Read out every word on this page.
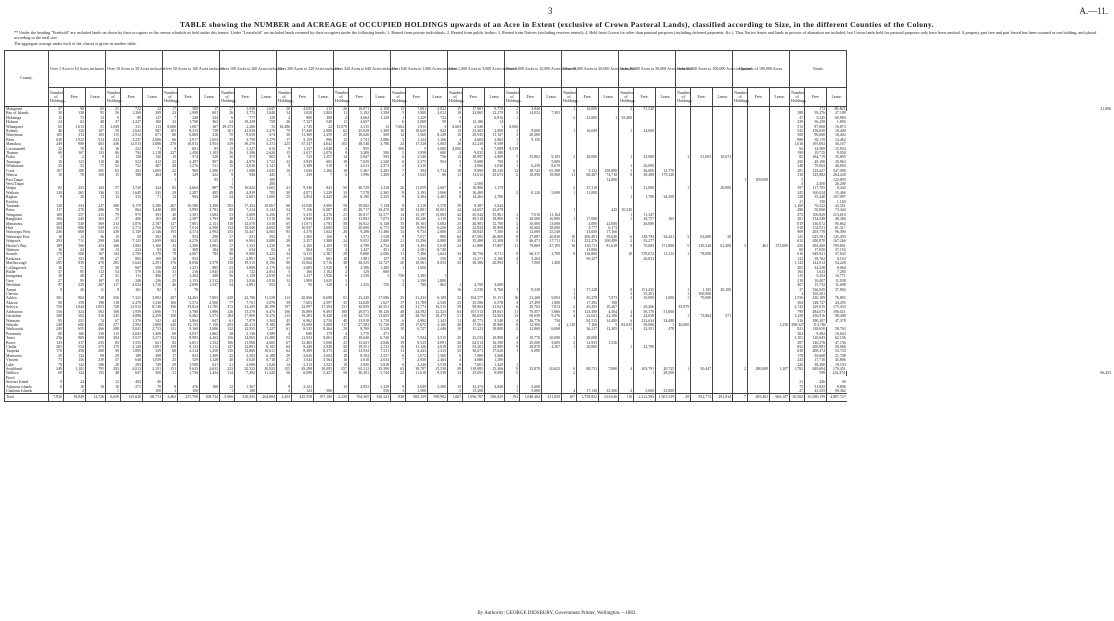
3	A.—11.
TABLE showing the NUMBER and ACREAGE of OCCUPIED HOLDINGS upwards of an Acre in Extent (exclusive of Crown Pastoral Lands), classified according to Size, in the different Counties of the Colony.

** Under the heading "Freehold" are included lands set down by their occupiers in the census schedule as held under this tenure. Under "Leasehold" are included lands returned by their occupiers under the following heads: 1, Rented from private individuals; 2, Rented from public bodies; 3, Rented from Natives (including reserves rented); 4, Held from Crown for other than pastoral purposes (including deferred payments, &c.). Thus Native leases and lands in process of alienation are included, but Crown lands held for pastoral purposes only have been omitted. A property part free and part leased has been counted as one holding, and placed according to the total size.

The aggregate acreage under each of the classes is given in another table.

County.	Over 1 Acre to 10 Acres inclusive.			Over 10 Acres to 50 Acres inclusive.			Over 50 Acres to 100 Acres inclusive.			Over 100 Acres to 200 Acres inclusive.			Over 200 Acres to 320 Acres inclusive.			Over 320 Acres to 640 Acres inclusive.			Over 640 Acres to 1,000 Acres inclusive.			Over 1,000 Acres to 5,000 Acres inclusive.			Over 5,000 Acres to 10,000 Acres inclusive.			Over 10,000 Acres to 20,000 Acres inclusive.			Over 20,000 Acres to 50,000 Acres inclusive.			Over 50,000 Acres to 100,000 Acres inclusive.			Upwards of 100,000 Acres.			Totals.			
	Number of Holdings.	Free.	Lease.	Number of Holdings.	Free.	Lease.	Number of Holdings.	Free.	Lease.	Number of Holdings.	Free.	Lease.	Number of Holdings.	Free.	Lease.	Number of Holdings.	Free.	Lease.	Number of Holdings.	Free.	Lease.	Number of Holdings.	Free.	Lease.	Number of Holdings.	Free.	Lease.	Number of Holdings.	Free.	Lease.	Number of Holdings.	Free.	Lease.	Number of Holdings.	Free.	Lease.	Number of Holdings.	Free.	Lease.	Number of Holdings.	Free.	Lease.	
Mongonui	37	98	65	21	722	12	17	580	17	17	1,558	1,047	20	4,035	215	26	10,071	2,108	15	7,001	3,822	15	17,903	9,778	2	3,840		1	16,000		2	57,520									172	89,465	21,896
Bay of Islands	39	138	95	50	1,260	209	23	1,908	601	26	3,772	1,840	14	1,828	1,803	11	5,192	1,590	5	1,800	3,012	18	23,865	12,270	3	14,052	7,381													189	59,276	27,199	
Hokianga	11	72	13	9	89	127	7	248	334	6	777	120	4	900	308	2	4,064	1,120	1	1,229	722	3		6,816	1			2	22,000	1	35,400									47	5,245	60,960	
Hobson	24	62	48	37	1,227	100	23	1,768	363	24	19,439	758	26	7,327	549	11	4,657		6	3,068	59	6	12,186	14																239	56,258	1,893	
Whangarei	65	1,013	51	1,049	311	113	8,000	1,007	167	29,373	2,286	33	16,286	1,745	24	15,079	3,515	12	7,602	1,915	3	4,603	2,540	1	8,000															513	87,868	16,873	
Rodney	46	126	107	59	1,643	567	105	8,313	738	161	21,036	2,476	79	17,440	2,980	62	25,028	1,300	16	10,620	822	13	23,203	2,000	1	9,000		1	16,049		1	24,000								543	156,630	10,440	
Waitemata	105	314	103	115	2,912	671	80	6,869	416	70	9,039	674	36	11,369	1,259	25	10,626	569	12	1,560	8,249	10	20,945	11,187	3	20,000														508	90,060	16,402	
Eden	630	1,922	514	233	3,237	2,086	66	3,917	1,653	39	3,750	1,279	17	3,159	906	13	2,741	2,086	3	1,124	1,106	4	4,604	3,862	1	9,150														986	82,119	14,462	
Manukau	249	908	403	436	12,013	3,086	270	18,813	3,953	339	39,276	5,372	225	37,547	4,042	103	38,548	3,786	24	17,528	3,003	26	41,218	9,109	1															1,616	195,692	36,167	
Coromandel	32	78	41	16	222	71	9	651	83	13	1,227	615	9	1,337	1,048	3	955		500	5	3,000	4,000	6	7,089	9,519															94	14,569	15,834	
Thames	60	167	133	86	794	1,118	227	1,450	1,103	26	1,396	2,620	15	2,017	2,076	9	3,208	500	5	1,958	600	4	9,035	1,180																199	19,725	9,050	
Piako	3	2	9	13	128	140	10	574	328	10	375	803	8	723	1,357	14	5,947	593	6	3,540	736	13	18,997	3,809	7	53,862	8,183	2	28,000		1	25,000		1	51,003	10,673				82	184,719	35,695	
Tauranga	16	123	110	46	522	412	22	2,497	907	46	4,970	1,722	22	3,939	665	18	7,029	1,540	6	3,375	954	5	9,688	700	1		5,000													250	48,190	20,963	
Whakatane	33	52	71	52	752	407	20	1,276	511	15	2,030	1,141	9	2,388	510	5	2,013	2,573	2	1,520		3	4,060	2,030	1	6,239	8,670				1	26,000								148	79,063	46,004	
Cook	107	180	305	63	203	1,069	22	960	1,296	21	1,088	1,635	10	1,636	1,266	18	5,467	3,283	7	394	5,714	18	8,890	49,230	13	38,743	65,388	6	5,112	158,000	1	36,000	12,770							281	124,427	347,090	
Wairoa	10	70	100	15	188	264	8	329	222	9	936	445	1	239	7	6	1,996	1,209	2	1,635	80	11	13,612	33,673	2	18,850	18,800	11	68,267	74,718	8	30,488	179,320							118	145,882	264,428	
East Taupo							1		93	1		100																		12,000							1	109,000		5		122,093	
West Taupo										1		200										1	2,500																	3	2,500	20,200	
Waipa	82	253	143	57	1,720	324	65	4,664	887	70	10,622	1,602	41	9,336	841	50	20,729	1,318	20	11,059	2,607	6	10,906	1,179				2	27,310		1	21,800		1		20,000				397	117,705	8,442	
Waikato	120	265	136	32	1,645	335	29	2,287	495	49	4,839	785	30	4,871	1,229	33	7,578	2,365	8	2,193	1,066	9	16,469		2	8,120	5,690	1	11,000											325	160,024	15,466	
Raglan	8	20	13	13	315	71	14	904	130	24	2,601	1,000	25	3,854	3,445	26	8,190	2,335	9	3,304	3,403	8	14,263	2,780							1	1,700	34,500							128	35,440	107,097	
Kawhia																																								21	150	1,160	
Taranaki	128	254	247	300	4,179	3,280	267	10,588	3,290	192	17,454	10,067	66	12,040	4,969	59	19,602	7,138	8	3,318	3,578	29	9,387	5,642																1,169	76,522	43,251	
Patea	117	270	286	78	864	1,440	100	3,995	3,781	85	7,214	5,144	54	7,156	6,087	45	20,717	10,470	30	13,801	10,001	24	24,657	23,078				1		425	10,345									490	50,060	73,442	
Wanganui	100	257	415	79	975	393	40	1,301	1,082	53	5,609	3,256	37	5,415	4,276	21	20,817	12,577	14	15,197	13,003	42	45,544	35,961	3	7,010	11,164				1	11,347								473	100,829	213,610	
Rangitikei	104	245	163	27	400	103	40	2,507	1,793	48	7,231	1,518	50	4,840	1,091	32	13,892	7,075	31	19,240	3,110	34	49,518	18,800	5	20,000	16,800	1	17,000		1	28,757	163							281	154,548	48,366	
Manawatu	208	540	569	213	3,876	2,187	127	7,081	2,131	118	12,070	1,610	65	11,073	1,703	58	16,922	6,148	15	10,163	5,082	25	26,981	12,700	2	10,000	13,000		4,000	22,000		26,000								819	130,072	95,662	
Hutt	304	986	549	211	3,774	2,760	137	7,014	4,390	134	10,046	4,692	58	10,937	4,000	53	20,600	6,773	10	8,905	6,426	24	22,834	10,908	4	10,604	18,000		5,777	6,373										919	132,911	61,317	
Wairarapa West	236	668	533	438	5,149	2,146	193	4,374	2,994	155	13,447	4,063	83	4,370	1,642	28	9,288	11,486	13	9,734	2,000	23	38,845	7,300	4	13,000	25,540		23,050	17,160										909	203,778	96,390	
Wairarapa East	10	13	36	10	50	302	19	954	290	17	431	592	5	1,365	160	6	1,372	1,528	9	7,017	800	64	67,583	26,800	8	27,087	20,830	10	200,491	59,640	6	138,794	34,421	3	63,000	20				125	625,581	145,493	
Waipawa	293	711	298	246	7,125	2,699	302	4,276	3,545	69	6,904	2,088	28	2,257	1,988	24	9,052	2,000	21	13,296	4,800	28	35,489	11,308	9	66,471	17,711	11	252,276	100,499	2	53,277								615	650,070	167,266	
Hawke's Bay	189	560	454	166	1,882	1,100	33	1,390	1,083	17	1,332	1,230	10	2,165	1,105	15	4,789	2,754	10	3,493	5,018	24	41,880	17,807	11	79,869	47,105	16	150,711	81,618	8	70,083	171,800	5	139,320	61,200	3	461	375,000	450	494,469	709,801	
Waimea	16	24	39	13	223	83	16	369	184	10	634	92	4	564	352	4	1,427	451	4	2,381	8,740								12,000											60	17,050	37,152	
Sounds	179	568	167	144	2,769	1,178	79	4,067	785	88	9,960	3,223	34	6,115	2,567	29	9,680	2,006	11	7,496	1,624	34	38,756	8,711	9	66,317	2,709	8	116,860		10	378,672	13,112	1	78,000					616	649,921	37,043	
Kaikoura	27	153	90	27	863	109	16	932		32	2,891	520	17	2,940	663	18	1,981	157	8	1,560	550	8	13,271	2,160	4	5,264			90,327			26,031								122	58,762	8,163	
Marlborough	295	839	470	265	5,644	2,291	176	8,836	3,579	158	19,315	8,196	80	15,064	5,716	38	30,525	12,727	20	10,561	8,033	25	36,586	20,993	1	7,000	1,400													1,144	142,014	54,228	
Collingwood	16	71	57	38	667	358	44	1,251	885	23	3,869	2,176	24	3,605	1,920	8	2,386	1,200	1	1,000																				265	24,238	8,064	
Buller	47	85	112	54	579	1,136	31	216	1,943	24	722	2,854	5	160	1,182	2	129	600																						163	1,623	7,285	
Inangahua	30	48	47	21	111	490	17	1,304	288	56	1,158	2,939	13	1,417	1,926	6	1,539	3	750	1,383	1																			115	9,254	10,771	
Grey	27	95	197	13	246	236	25	1,153	2,512	23	1,036	1,818	12	1,909	1,625	1			3	2,500	1,800																			210	10,407	11,938	
Westland	97	229	267	117	2,034	1,730	46	2,698	1,547	34	3,891	953	2	95	320	3	1,325	720	2	780	862	1	4,700	3,600																307	15,752	11,698	
Amuri	8	26	11	8	161	82	1	70														16	2,530	8,760	1	8,538		1	57,228		8	151,435		1	1,105	20,100				37	336,045	37,802	
Cheviot																												1			3	35,201		1	100,000					4	105,201		
Ashley	381	904	748	356	7,321	3,802	287	14,263	7,003	228	22,786	11,528	113	20,066	8,698	81	23,220	17,086	35	21,433	6,109	52	104,377	15,151	16	31,268	9,003	4	50,278	7,973	2	10,000	1,000	1	79,000					1,556	430,109	76,865	
Akaroa	90	159	190	118	2,478	1,330	106	5,572	2,506	77	7,761	3,876	39	7,603	2,597	35	14,028	1,627	17	11,789	2,549	25	35,586	6,578	4	27,499	1,000		17,292	100										504	148,727	24,295	
Selwyn	750	1,844	1,853	728	12,912	8,740	356	19,024	11,705	372	32,209	18,399	197	32,097	17,294	131	35,859	26,551	45	31,773	16,515	59	99,804	21,941	6	29,702	7,813	2	45,205	10,267		20,266		35,979						2,743	329,015	175,433	
Ashburton	156	324	392	108	1,939	1,600	71	3,768	1,886	126	13,278	6,476	106	16,889	9,493	100	29,073	18,126	48	24,592	12,323	64	107,513	29,841	11	70,057	5,866	9	123,300	4,504	4	58,170	51,600							790	484,673	190,021	
Geraldine	308	502	316	245	4,886	2,259	150	8,462	3,373	184	17,969	8,476	113	19,283	9,428	110	34,725	13,605	40	28,765	10,475	51	80,659	12,003	13	69,639	9,276	4	22,041	22,100	4	24,650		1	73,864	371				1,258	436,916	98,498	
Waimate	95	231	74	67	1,376	542	44	3,864	647	61	7,879	1,304	45	6,962	2,730	40	13,818	3,719	6	4,982	1,243	11	40,773	9,540	4	26,776	730		82,515	14,400	6	212,634	24,480							316	390,207	47,378	
Waitaki	249	600	465	277	2,992	1,808	240	13,155	7,150	203	20,413	9,180	89	13,698	5,008	117	27,583	15,730	29	17,675	4,160	30	17,561	18,900	8	12,900	4	2,110	7,160	5	82,045	50,000	1	40,000					1,256	398,327	113,786		
Waikouaiti	249	655	466	288	5,041	2,733	131	9,160	2,686	132	12,935	7,227	61	8,535	8,364	29	8,769	3,520	10	6,727	2,446	10	15,223	18,880	2	12,869	6,068		36,217	12,305	1	23,351	478							921	138,650	58,763	
Peninsula	80	160	330	115	2,043	1,408	69	4,037	1,862	28	2,136	1,580	4	690	179	4	1,770	271																						304	9,482	10,843	
Taieri	256	905	698	394	3,917	3,273	152	8,983	4,263	156	14,065	13,280	53	11,033	9,061	45	10,640	6,746	14	7,044	3,515	20	23,533	10,898	4	10,770	10,000	1	28,000											1,101	120,643	62,156	
Bruce	143	317	235	83	1,555	621	82	3,651	1,332	106	11,906	4,685	67	12,465	5,006	41	13,641	4,846	19	9,525	4,091	26	62,514	16,590	3	25,000	3,605	2	12,935	1,526										287	140,276	47,136	
Clutha	205	554	375	175	3,140	1,891	159	9,123	5,212	147	12,891	8,105	64	9,440	2,948	50	19,351	2,723	16	11,126	4,018	25	55,201	14,889	9	28,870	4,307	1	20,000		1	22,700								852	200,983	58,068	
Tuapeka	170	458	280	90	1,805	529	68	2,314	1,250	130	13,806	16,611	62	8,309	8,373	42	12,934	7,211	13	6,443	1,413	35	30,671	17,626	1	6,000														630	208,474	53,733	
Maniototo	25	134	98	29	189	498	17	823	1,309	42	3,502	6,188	29	3,645	3,604	18	8,504	3,537	6	1,672	1,560	6	7,800	3,568																178	30,668	21,708	
Vincent	73	156	239	37	640	1,039	23	529	1,328	40	3,020	6,718	27	1,544	5,564	16	3,610	2,633	7	2,930	2,404	4	4,686	1,280																224	17,710	45,806	
Lake	78	142	186	28	293	749	29	1,508	631	21	2,696	1,626	14	2,313	3,521	18	2,830	3,810	6	3,246	3,510	8	7,601	1,420	1															226	38,300	19,103	
Southland	349	1,181	795	283	4,013	2,191	151	9,625	4,632	223	25,522	20,823	155	29,298	10,093	257	65,512	35,590	63	39,787	15,530	49	118,885	25,306	8	25,878	20,625	6	88,731	7,800	4	103,791	20,725	1	50,447		2	280,000	1,107	1,782	849,694	170,451	
Wallace	69	124	155	48	637	560	31	1,730	1,434	114	7,492	11,220	56	6,098	5,427	58	30,301	5,744	22	11,616	9,530	14	25,091	8,098	5			2				1	28,500								398	232,474	96,453
Fiord																																											
Stewart Island	9	24		12	404	40																																		21	426	40	
Adjacent islands	6	10	10	10	271	70	8	476	100	12	1,567		9	2,341		13	4,953	1,329	9	3,049	3,300	15	32,474	4,040	1	5,600														75	51,843	8,806	
Chatham Islands		2		1		100	1	100		1	100		4	123	500			550	3	1,500		5	15,200		1	5,000		4	17,130	35,300	2	5,000	25,000							27	43,255	99,362	
Total	7,830	19,849	14,726	6,639	125,630	68,774	4,463	237,708	108,734	5,066	520,035	264,884	2,453	425,558	197,100	2,228	764,565	350,523	838	982,139	599,982	1,067	1,056,787	506,829	193	1,048,404	331,820	107	1,758,852	613,626	110	2,112,583	1,501,339	29	832,774	491,834	7	285,461	606,107	30,582	10,390,159	4,887,727	
By Authority: GEORGE DIDSBURY, Government Printer, Wellington.—1882.
